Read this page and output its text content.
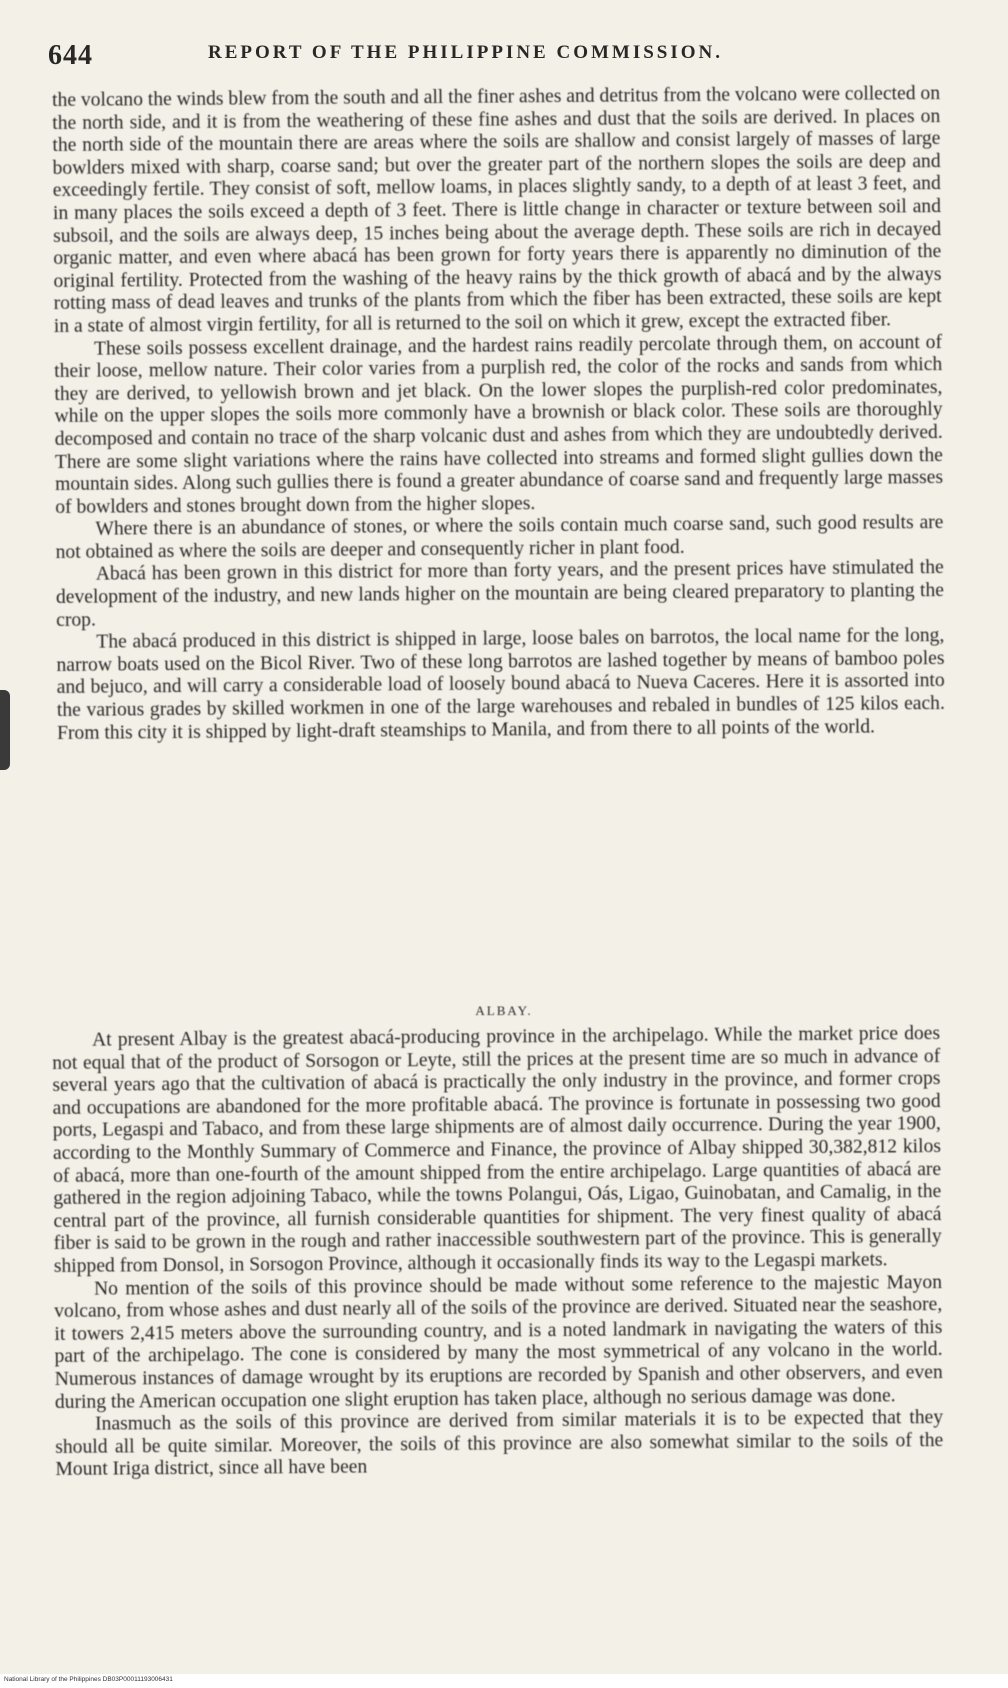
644	REPORT OF THE PHILIPPINE COMMISSION.

the volcano the winds blew from the south and all the finer ashes and detritus from the volcano were collected on the north side, and it is from the weathering of these fine ashes and dust that the soils are derived. In places on the north side of the mountain there are areas where the soils are shallow and consist largely of masses of large bowlders mixed with sharp, coarse sand; but over the greater part of the northern slopes the soils are deep and exceedingly fertile. They consist of soft, mellow loams, in places slightly sandy, to a depth of at least 3 feet, and in many places the soils exceed a depth of 3 feet. There is little change in character or texture between soil and subsoil, and the soils are always deep, 15 inches being about the average depth. These soils are rich in decayed organic matter, and even where abacá has been grown for forty years there is apparently no diminution of the original fertility. Protected from the washing of the heavy rains by the thick growth of abacá and by the always rotting mass of dead leaves and trunks of the plants from which the fiber has been extracted, these soils are kept in a state of almost virgin fertility, for all is returned to the soil on which it grew, except the extracted fiber.

These soils possess excellent drainage, and the hardest rains readily percolate through them, on account of their loose, mellow nature. Their color varies from a purplish red, the color of the rocks and sands from which they are derived, to yellowish brown and jet black. On the lower slopes the purplish-red color predominates, while on the upper slopes the soils more commonly have a brownish or black color. These soils are thoroughly decomposed and contain no trace of the sharp volcanic dust and ashes from which they are undoubtedly derived. There are some slight variations where the rains have collected into streams and formed slight gullies down the mountain sides. Along such gullies there is found a greater abundance of coarse sand and frequently large masses of bowlders and stones brought down from the higher slopes.

Where there is an abundance of stones, or where the soils contain much coarse sand, such good results are not obtained as where the soils are deeper and consequently richer in plant food.

Abacá has been grown in this district for more than forty years, and the present prices have stimulated the development of the industry, and new lands higher on the mountain are being cleared preparatory to planting the crop.

The abacá produced in this district is shipped in large, loose bales on barrotos, the local name for the long, narrow boats used on the Bicol River. Two of these long barrotos are lashed together by means of bamboo poles and bejuco, and will carry a considerable load of loosely bound abacá to Nueva Caceres. Here it is assorted into the various grades by skilled workmen in one of the large warehouses and rebaled in bundles of 125 kilos each. From this city it is shipped by light-draft steamships to Manila, and from there to all points of the world.

ALBAY.

At present Albay is the greatest abacá-producing province in the archipelago. While the market price does not equal that of the product of Sorsogon or Leyte, still the prices at the present time are so much in advance of several years ago that the cultivation of abacá is practically the only industry in the province, and former crops and occupations are abandoned for the more profitable abacá. The province is fortunate in possessing two good ports, Legaspi and Tabaco, and from these large shipments are of almost daily occurrence. During the year 1900, according to the Monthly Summary of Commerce and Finance, the province of Albay shipped 30,382,812 kilos of abacá, more than one-fourth of the amount shipped from the entire archipelago. Large quantities of abacá are gathered in the region adjoining Tabaco, while the towns Polangui, Oás, Ligao, Guinobatan, and Camalig, in the central part of the province, all furnish considerable quantities for shipment. The very finest quality of abacá fiber is said to be grown in the rough and rather inaccessible southwestern part of the province. This is generally shipped from Donsol, in Sorsogon Province, although it occasionally finds its way to the Legaspi markets.

No mention of the soils of this province should be made without some reference to the majestic Mayon volcano, from whose ashes and dust nearly all of the soils of the province are derived. Situated near the seashore, it towers 2,415 meters above the surrounding country, and is a noted landmark in navigating the waters of this part of the archipelago. The cone is considered by many the most symmetrical of any volcano in the world. Numerous instances of damage wrought by its eruptions are recorded by Spanish and other observers, and even during the American occupation one slight eruption has taken place, although no serious damage was done.

Inasmuch as the soils of this province are derived from similar materials it is to be expected that they should all be quite similar. Moreover, the soils of this province are also somewhat similar to the soils of the Mount Iriga district, since all have been

National Library of the Philippines DB03P00011193006431
